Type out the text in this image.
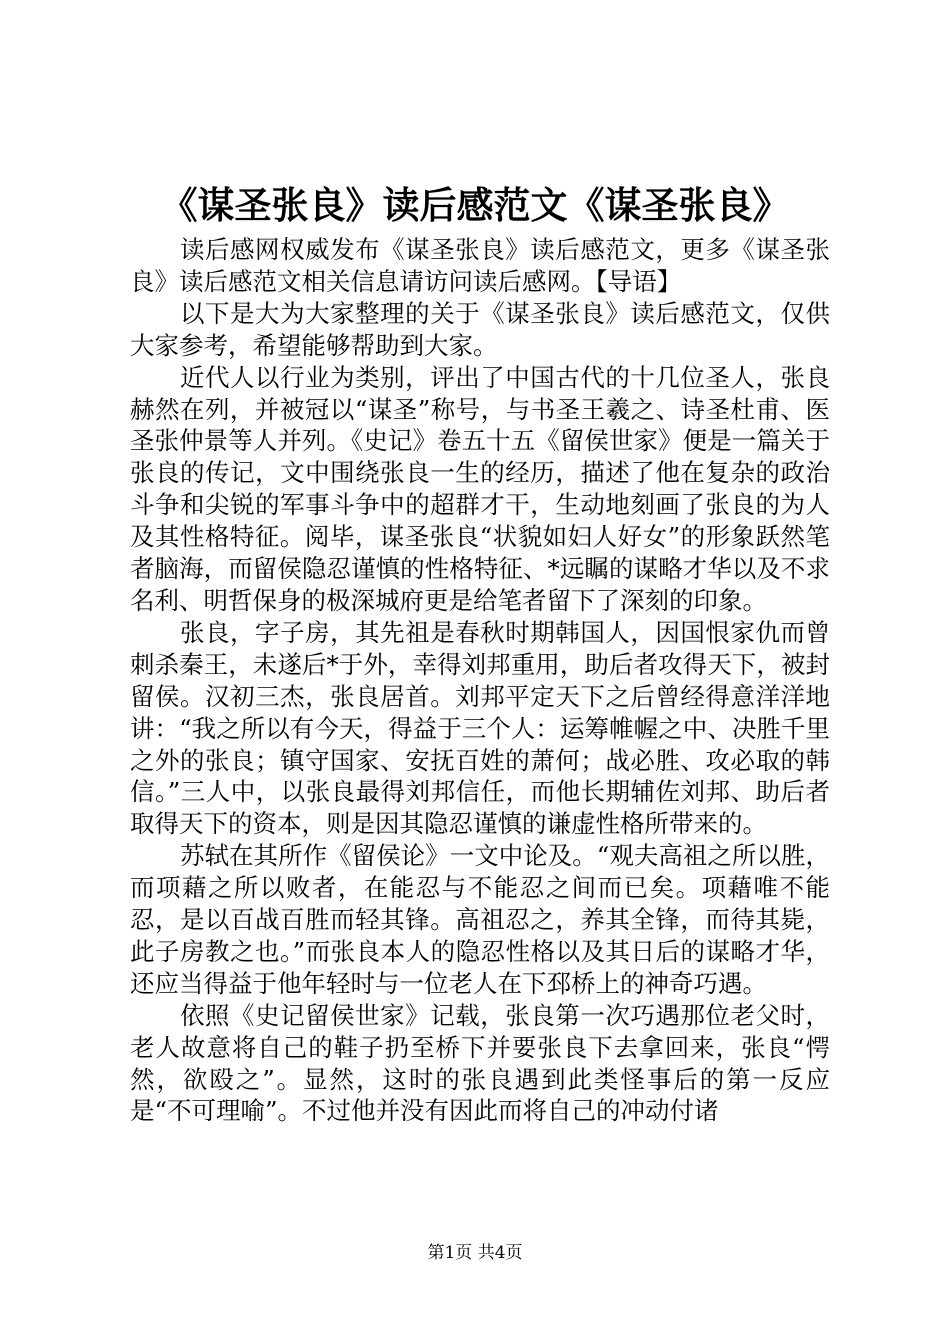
《谋圣张良》读后感范文《谋圣张良》

读后感网权威发布《谋圣张良》读后感范文，更多《谋圣张良》读后感范文相关信息请访问读后感网。【导语】

以下是大为大家整理的关于《谋圣张良》读后感范文，仅供大家参考，希望能够帮助到大家。

近代人以行业为类别，评出了中国古代的十几位圣人，张良赫然在列，并被冠以“谋圣”称号，与书圣王羲之、诗圣杜甫、医圣张仲景等人并列。《史记》卷五十五《留侯世家》便是一篇关于张良的传记，文中围绕张良一生的经历，描述了他在复杂的政治斗争和尖锐的军事斗争中的超群才干，生动地刻画了张良的为人及其性格特征。阅毕，谋圣张良“状貌如妇人好女”的形象跃然笔者脑海，而留侯隐忍谨慎的性格特征、*远瞩的谋略才华以及不求名利、明哲保身的极深城府更是给笔者留下了深刻的印象。

张良，字子房，其先祖是春秋时期韩国人，因国恨家仇而曾刺杀秦王，未遂后*于外，幸得刘邦重用，助后者攻得天下，被封留侯。汉初三杰，张良居首。刘邦平定天下之后曾经得意洋洋地讲：“我之所以有今天，得益于三个人：运筹帷幄之中、决胜千里之外的张良；镇守国家、安抚百姓的萧何；战必胜、攻必取的韩信。”三人中，以张良最得刘邦信任，而他长期辅佐刘邦、助后者取得天下的资本，则是因其隐忍谨慎的谦虚性格所带来的。

苏轼在其所作《留侯论》一文中论及。“观夫高祖之所以胜，而项藉之所以败者，在能忍与不能忍之间而已矣。项藉唯不能忍，是以百战百胜而轻其锋。高祖忍之，养其全锋，而待其毙，此子房教之也。”而张良本人的隐忍性格以及其日后的谋略才华，还应当得益于他年轻时与一位老人在下邳桥上的神奇巧遇。

依照《史记留侯世家》记载，张良第一次巧遇那位老父时，老人故意将自己的鞋子扔至桥下并要张良下去拿回来，张良“愕然，欲殴之”。显然，这时的张良遇到此类怪事后的第一反应是“不可理喻”。不过他并没有因此而将自己的冲动付诸

第1页 共4页
